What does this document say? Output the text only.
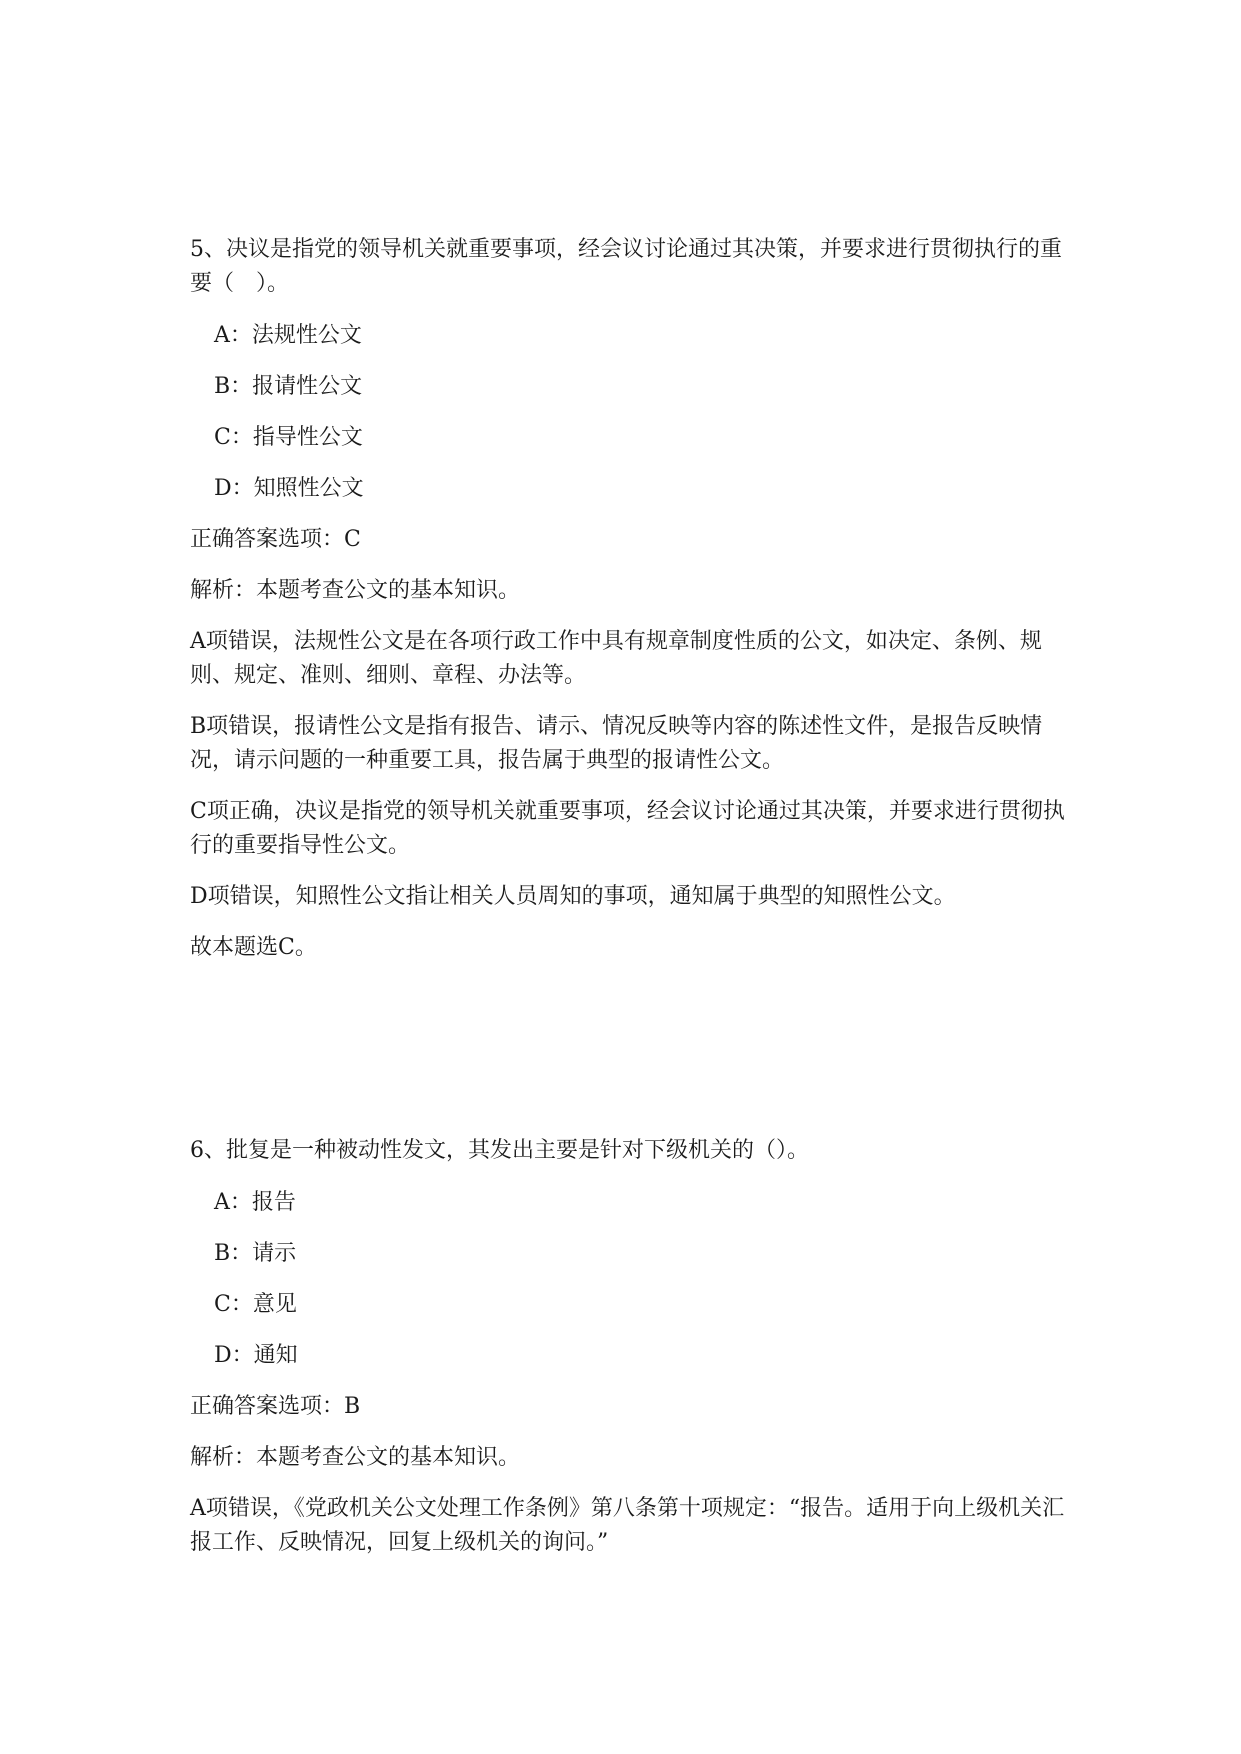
5、决议是指党的领导机关就重要事项，经会议讨论通过其决策，并要求进行贯彻执行的重要（　）。

A：法规性公文

B：报请性公文

C：指导性公文

D：知照性公文

正确答案选项：C

解析：本题考查公文的基本知识。

A项错误，法规性公文是在各项行政工作中具有规章制度性质的公文，如决定、条例、规则、规定、准则、细则、章程、办法等。

B项错误，报请性公文是指有报告、请示、情况反映等内容的陈述性文件，是报告反映情况，请示问题的一种重要工具，报告属于典型的报请性公文。

C项正确，决议是指党的领导机关就重要事项，经会议讨论通过其决策，并要求进行贯彻执行的重要指导性公文。

D项错误，知照性公文指让相关人员周知的事项，通知属于典型的知照性公文。

故本题选C。

6、批复是一种被动性发文，其发出主要是针对下级机关的（）。

A：报告

B：请示

C：意见

D：通知

正确答案选项：B

解析：本题考查公文的基本知识。

A项错误，《党政机关公文处理工作条例》第八条第十项规定：“报告。适用于向上级机关汇报工作、反映情况，回复上级机关的询问。”
